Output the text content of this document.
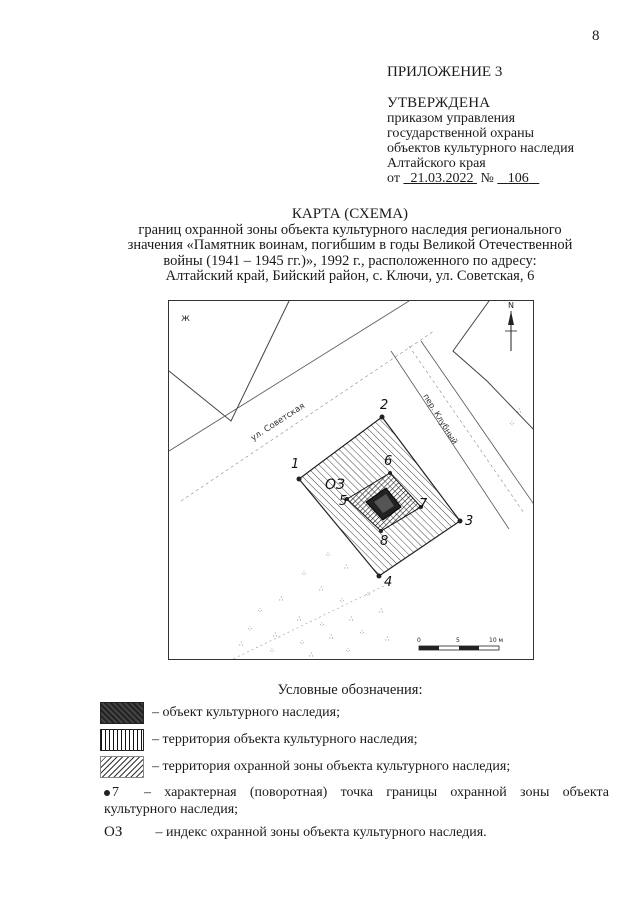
8
ПРИЛОЖЕНИЕ 3
УТВЕРЖДЕНА
приказом управления
государственной охраны
объектов культурного наследия
Алтайского края
от 21.03.2022 № 106
КАРТА (СХЕМА)
границ охранной зоны объекта культурного наследия регионального
значения «Памятник воинам, погибшим в годы Великой Отечественной
войны (1941 – 1945 гг.)», 1992 г., расположенного по адресу:
Алтайский край, Бийский район, с. Ключи, ул. Советская, 6
ж
ул. Советская	пер. Клубный
1
2
3
4
5
6
7
8
ОЗ
N
∴
⁘
⁘
∴
⁘
∴
⁘
∴
⁘
∴
⁘
∴
⁘
∴
⁘
∴
⁘
∴	⁘
∴
⁘	∴	⁘
∴	0	5	10 м
Условные обозначения:
– объект культурного наследия;
– территория объекта культурного наследия;
– территория охранной зоны объекта культурного наследия;
7 – характерная (поворотная) точка границы охранной зоны объекта культурного наследия;
ОЗ – индекс охранной зоны объекта культурного наследия.
